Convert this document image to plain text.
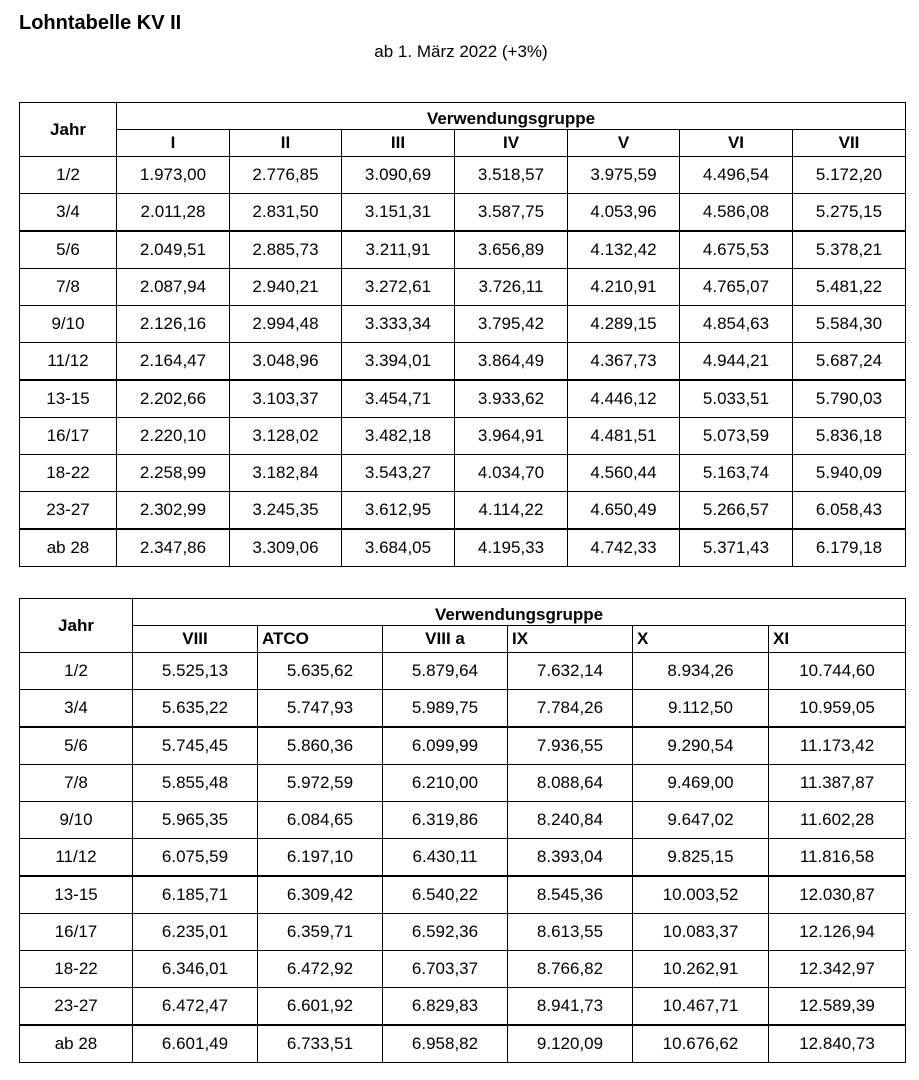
Lohntabelle KV II
ab 1. März 2022 (+3%)
Jahr	Verwendungsgruppe						
	I	II	III	IV	V	VI	VII
1/2	1.973,00	2.776,85	3.090,69	3.518,57	3.975,59	4.496,54	5.172,20
3/4	2.011,28	2.831,50	3.151,31	3.587,75	4.053,96	4.586,08	5.275,15
5/6	2.049,51	2.885,73	3.211,91	3.656,89	4.132,42	4.675,53	5.378,21
7/8	2.087,94	2.940,21	3.272,61	3.726,11	4.210,91	4.765,07	5.481,22
9/10	2.126,16	2.994,48	3.333,34	3.795,42	4.289,15	4.854,63	5.584,30
11/12	2.164,47	3.048,96	3.394,01	3.864,49	4.367,73	4.944,21	5.687,24
13-15	2.202,66	3.103,37	3.454,71	3.933,62	4.446,12	5.033,51	5.790,03
16/17	2.220,10	3.128,02	3.482,18	3.964,91	4.481,51	5.073,59	5.836,18
18-22	2.258,99	3.182,84	3.543,27	4.034,70	4.560,44	5.163,74	5.940,09
23-27	2.302,99	3.245,35	3.612,95	4.114,22	4.650,49	5.266,57	6.058,43
ab 28	2.347,86	3.309,06	3.684,05	4.195,33	4.742,33	5.371,43	6.179,18
Jahr	Verwendungsgruppe					
	VIII	ATCO	VIII a	IX	X	XI
1/2	5.525,13	5.635,62	5.879,64	7.632,14	8.934,26	10.744,60
3/4	5.635,22	5.747,93	5.989,75	7.784,26	9.112,50	10.959,05
5/6	5.745,45	5.860,36	6.099,99	7.936,55	9.290,54	11.173,42
7/8	5.855,48	5.972,59	6.210,00	8.088,64	9.469,00	11.387,87
9/10	5.965,35	6.084,65	6.319,86	8.240,84	9.647,02	11.602,28
11/12	6.075,59	6.197,10	6.430,11	8.393,04	9.825,15	11.816,58
13-15	6.185,71	6.309,42	6.540,22	8.545,36	10.003,52	12.030,87
16/17	6.235,01	6.359,71	6.592,36	8.613,55	10.083,37	12.126,94
18-22	6.346,01	6.472,92	6.703,37	8.766,82	10.262,91	12.342,97
23-27	6.472,47	6.601,92	6.829,83	8.941,73	10.467,71	12.589,39
ab 28	6.601,49	6.733,51	6.958,82	9.120,09	10.676,62	12.840,73
